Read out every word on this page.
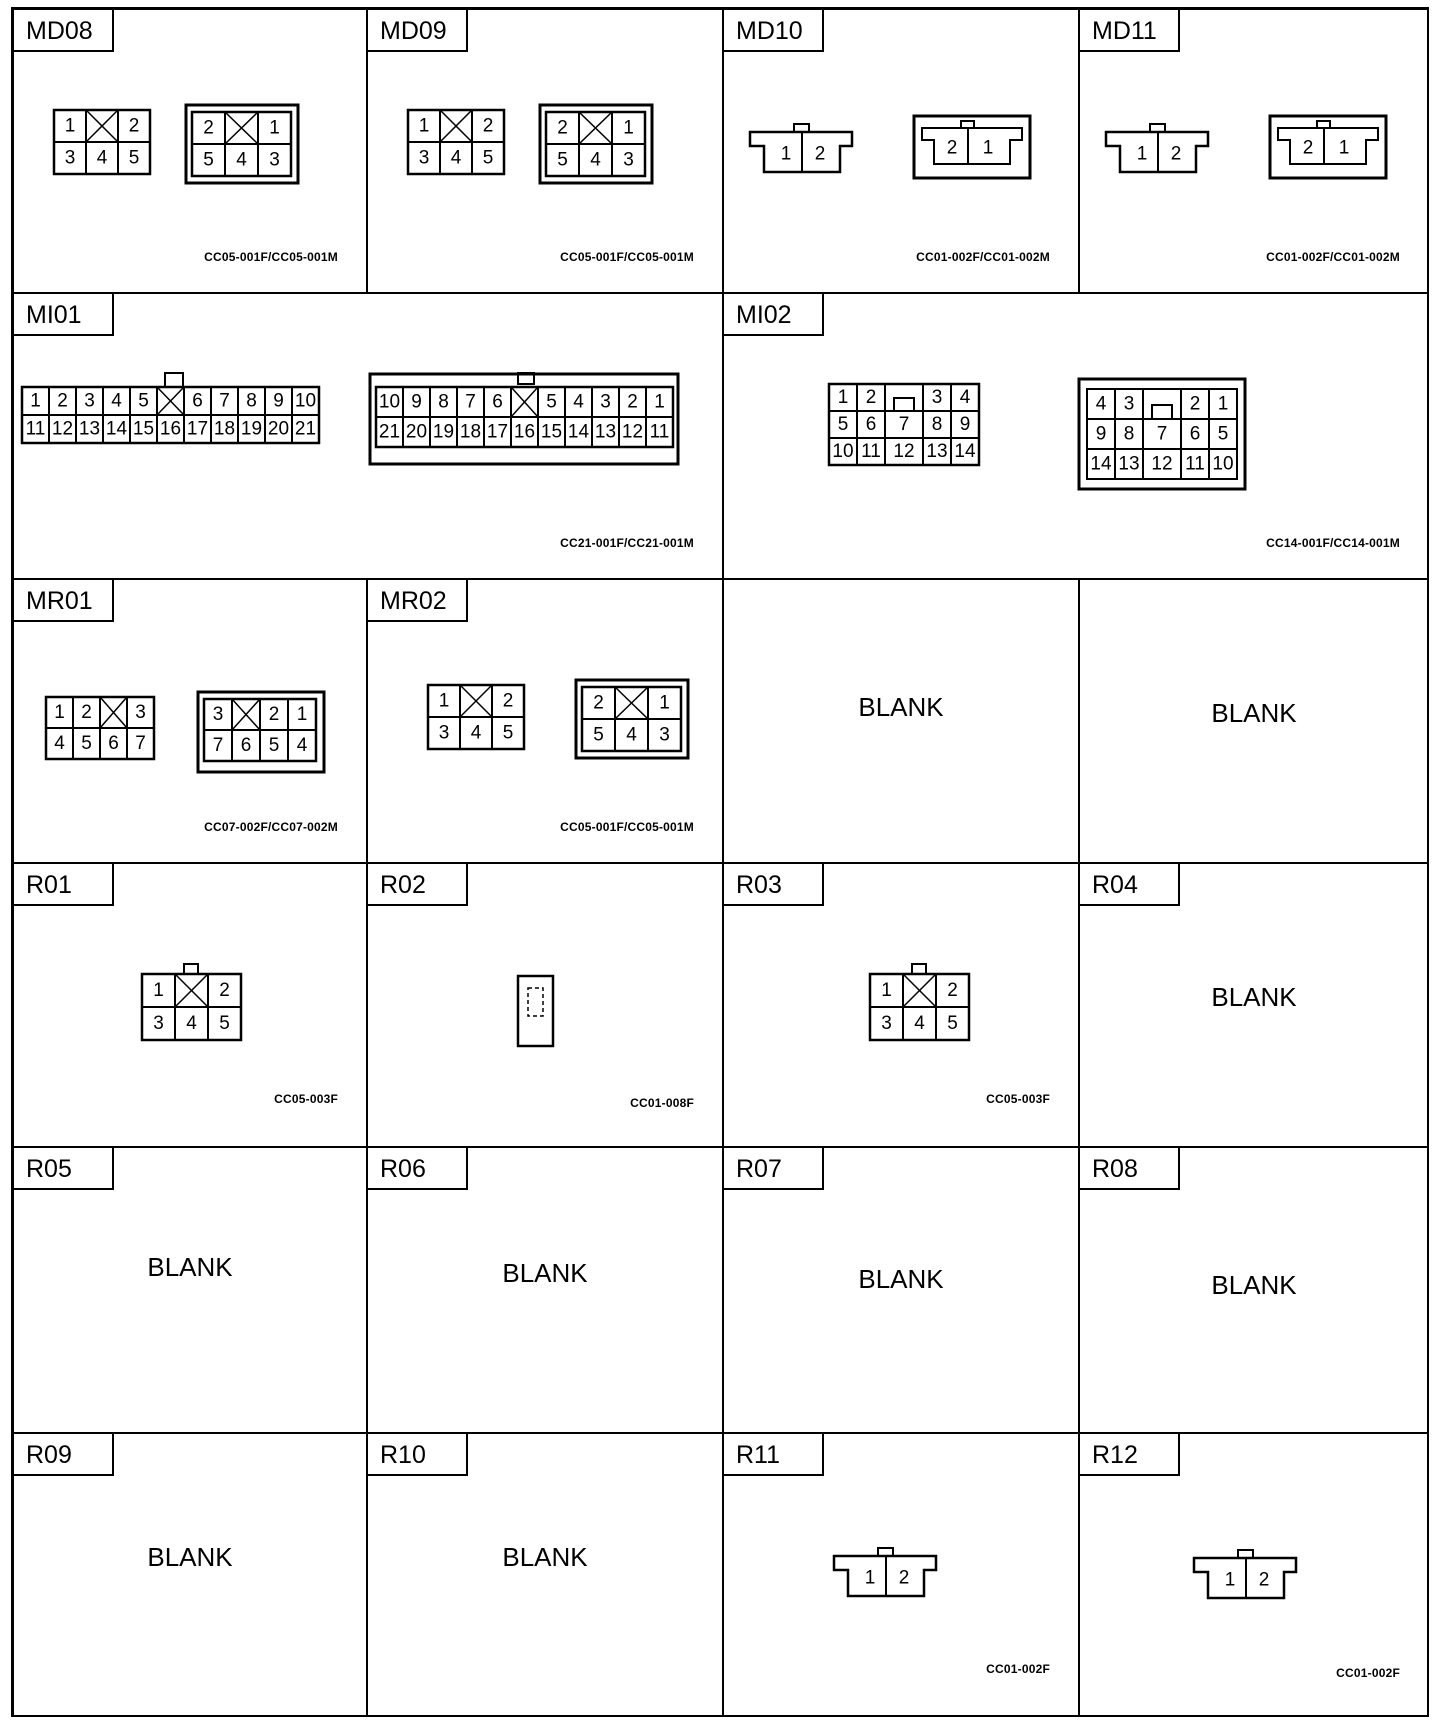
MD08
1	2
3 4 5
2	1
5 4 3
CC05-001F/CC05-001M
MD09
1	2
3 4 5
2	1
5 4 3
CC05-001F/CC05-001M
MD10
1 2	2 1
CC01-002F/CC01-002M
MD11
1 2	2 1
CC01-002F/CC01-002M
MI01
1 2 3 4 5 6 7 8 9 10
11 12 13 14 15 16 17 18 19 20 21
10 9 8 7 6 5 4 3 2 1
21 20 19 18 17 16 15 14 13 12 11
CC21-001F/CC21-001M
MI02
1 2	3 4
5 6 7 8 9
10 11 12 13 14
4 3	2 1
9 8 7 6 5
14 13 12 11 10
CC14-001F/CC14-001M
MR01
1 2 3
4 5 6 7
3 2 1
7 6 5 4
CC07-002F/CC07-002M
MR02
1	2
3 4 5
2	1
5 4 3
CC05-001F/CC05-001M
BLANK	BLANK
R01
1	2
3 4 5
CC05-003F
R02
CC01-008F
R03
1	2
3 4 5
CC05-003F
R04
BLANK
R05
BLANK
R06
BLANK
R07
BLANK
R08
BLANK
R09
BLANK
R10
BLANK
R11
1 2
CC01-002F
R12
1 2
CC01-002F
